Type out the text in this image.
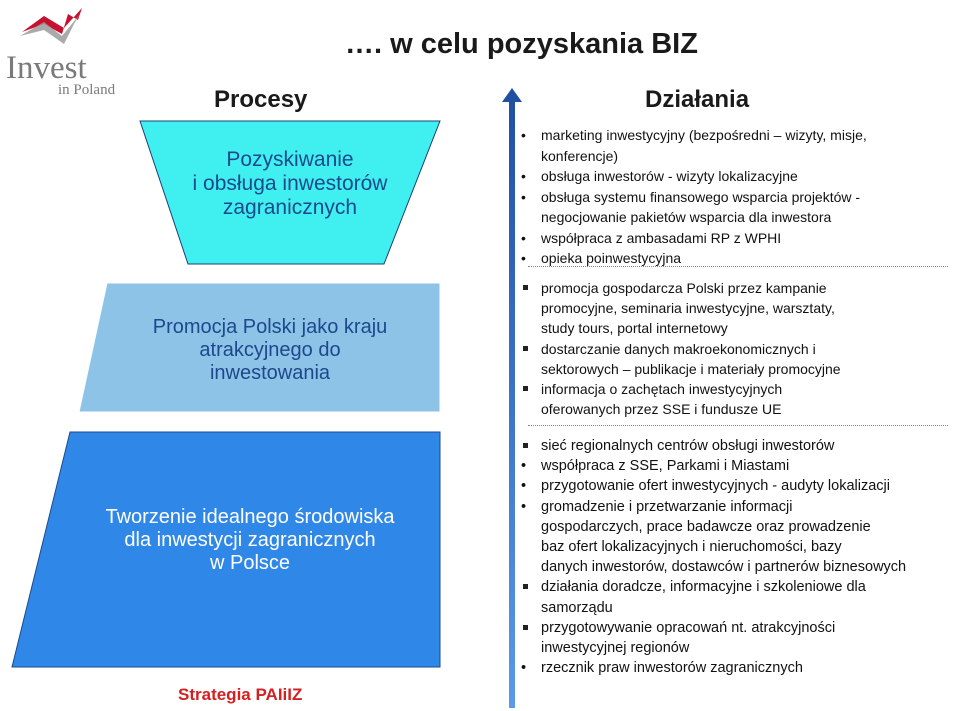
Invest
in Poland
…. w celu pozyskania BIZ
Procesy	Działania
Pozyskiwanie
i obsługa inwestorów
zagranicznych
Promocja Polski jako kraju
atrakcyjnego do
inwestowania
Tworzenie idealnego środowiska
dla inwestycji zagranicznych
w Polsce
• marketing inwestycyjny (bezpośredni – wizyty, misje,
konferencje)
• obsługa inwestorów - wizyty lokalizacyjne
• obsługa systemu finansowego wsparcia projektów -
negocjowanie pakietów wsparcia dla inwestora
• współpraca z ambasadami RP z WPHI
• opieka poinwestycyjna
promocja gospodarcza Polski przez kampanie
promocyjne, seminaria inwestycyjne, warsztaty,
study tours, portal internetowy
dostarczanie danych makroekonomicznych i
sektorowych – publikacje i materiały promocyjne
informacja o zachętach inwestycyjnych
oferowanych przez SSE i fundusze UE
sieć regionalnych centrów obsługi inwestorów
• współpraca z SSE, Parkami i Miastami
• przygotowanie ofert inwestycyjnych - audyty lokalizacji
• gromadzenie i przetwarzanie informacji
gospodarczych, prace badawcze oraz prowadzenie
baz ofert lokalizacyjnych i nieruchomości, bazy
danych inwestorów, dostawców i partnerów biznesowych
działania doradcze, informacyjne i szkoleniowe dla
samorządu
przygotowywanie opracowań nt. atrakcyjności
inwestycyjnej regionów
• rzecznik praw inwestorów zagranicznych
Strategia PAIiIZ
